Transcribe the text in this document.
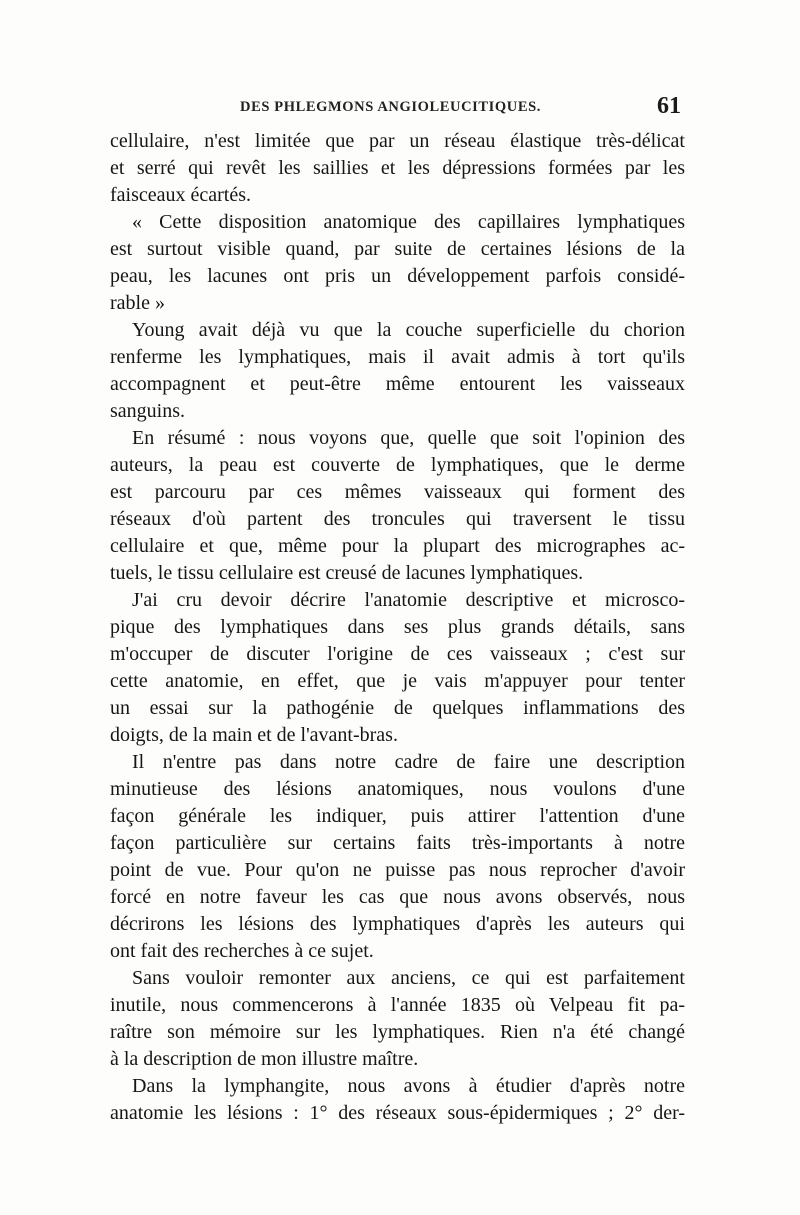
DES PHLEGMONS ANGIOLEUCITIQUES.	61
cellulaire, n'est limitée que par un réseau élastique très-délicat
et serré qui revêt les saillies et les dépressions formées par les
faisceaux écartés.
« Cette disposition anatomique des capillaires lymphatiques
est surtout visible quand, par suite de certaines lésions de la
peau, les lacunes ont pris un développement parfois considé-
rable »
Young avait déjà vu que la couche superficielle du chorion
renferme les lymphatiques, mais il avait admis à tort qu'ils
accompagnent et peut-être même entourent les vaisseaux
sanguins.
En résumé : nous voyons que, quelle que soit l'opinion des
auteurs, la peau est couverte de lymphatiques, que le derme
est parcouru par ces mêmes vaisseaux qui forment des
réseaux d'où partent des troncules qui traversent le tissu
cellulaire et que, même pour la plupart des micrographes ac-
tuels, le tissu cellulaire est creusé de lacunes lymphatiques.
J'ai cru devoir décrire l'anatomie descriptive et microsco-
pique des lymphatiques dans ses plus grands détails, sans
m'occuper de discuter l'origine de ces vaisseaux ; c'est sur
cette anatomie, en effet, que je vais m'appuyer pour tenter
un essai sur la pathogénie de quelques inflammations des
doigts, de la main et de l'avant-bras.
Il n'entre pas dans notre cadre de faire une description
minutieuse des lésions anatomiques, nous voulons d'une
façon générale les indiquer, puis attirer l'attention d'une
façon particulière sur certains faits très-importants à notre
point de vue. Pour qu'on ne puisse pas nous reprocher d'avoir
forcé en notre faveur les cas que nous avons observés, nous
décrirons les lésions des lymphatiques d'après les auteurs qui
ont fait des recherches à ce sujet.
Sans vouloir remonter aux anciens, ce qui est parfaitement
inutile, nous commencerons à l'année 1835 où Velpeau fit pa-
raître son mémoire sur les lymphatiques. Rien n'a été changé
à la description de mon illustre maître.
Dans la lymphangite, nous avons à étudier d'après notre
anatomie les lésions : 1° des réseaux sous-épidermiques ; 2° der-
